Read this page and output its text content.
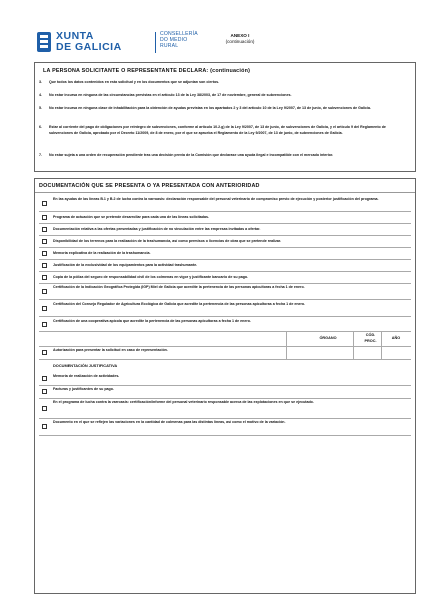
XUNTA
DE GALICIA
CONSELLERÍA
DO MEDIO
RURAL
ANEXO I
(continuación)
LA PERSONA SOLICITANTE O REPRESENTANTE DECLARA: (continuación)
3. Que todos los datos contenidos en esta solicitud y en los documentos que se adjuntan son ciertos.
4. No estar incursa en ninguna de las circunstancias previstas en el artículo 13 de la Ley 38/2003, de 17 de noviembre, general de subvenciones.
5. No estar incursa en ninguna clase de inhabilitación para la obtención de ayudas previstas en los apartados 2 y 3 del artículo 10 de la Ley 9/2007, de 13 de junio, de subvenciones de Galicia.
6. Estar al corriente del pago de obligaciones por reintegro de subvenciones, conforme al artículo 10.2.g) de la Ley 9/2007, de 13 de junio, de subvenciones de Galicia, y el artículo 9 del Reglamento de subvenciones de Galicia, aprobado por el Decreto 11/2009, de 8 de enero, por el que se aprueba el Reglamento de la Ley 9/2007, de 13 de junio, de subvenciones de Galicia.
7. No estar sujeta a una orden de recuperación pendiente tras una decisión previa de la Comisión que declarase una ayuda ilegal e incompatible con el mercado interior.
DOCUMENTACIÓN QUE SE PRESENTA O YA PRESENTADA CON ANTERIORIDAD
En las ayudas de las líneas B.1 y B.2 de lucha contra la varroasis: declaración responsable del personal veterinario de compromiso previo de ejecución y posterior justificación del programa.
Programa de actuación que se pretende desarrollar para cada una de las líneas solicitadas.
Documentación relativa a las ofertas presentadas y justificación de no vinculación entre las empresas invitadas a ofertar.
Disponibilidad de los terrenos para la realización de la trashumancia, así como permisos o licencias de obra que se pretende realizar.
Memoria explicativa de la realización de la trashumancia.
Justificación de la exclusividad de los equipamientos para la actividad trashumante.
Copia de la póliza del seguro de responsabilidad civil de los colmenas en vigor y justificante bancario de su pago.
Certificación de la Indicación Geográfica Protegida (IGP) Miel de Galicia que acredite la pertenencia de las personas apicultoras a fecha 1 de enero.
Certificación del Consejo Regulador de Agricultura Ecológica de Galicia que acredite la pertenencia de las personas apicultoras a fecha 1 de enero.
Certificación de una cooperativa apícola que acredite la pertenencia de las personas apicultoras a fecha 1 de enero.
ÓRGANO
CÓD.
PROC.
AÑO
Autorización para presentar la solicitud en caso de representación.
DOCUMENTACIÓN JUSTIFICATIVA
Memoria de realización de actividades.
Facturas y justificantes de su pago.
En el programa de lucha contra la varroasis: certificación/informe del personal veterinario responsable acerca de las explotaciones en que se ejecutado.
Documento en el que se reflejen las variaciones en la cantidad de colmenas para las distintas líneas, así como el motivo de la variación.
